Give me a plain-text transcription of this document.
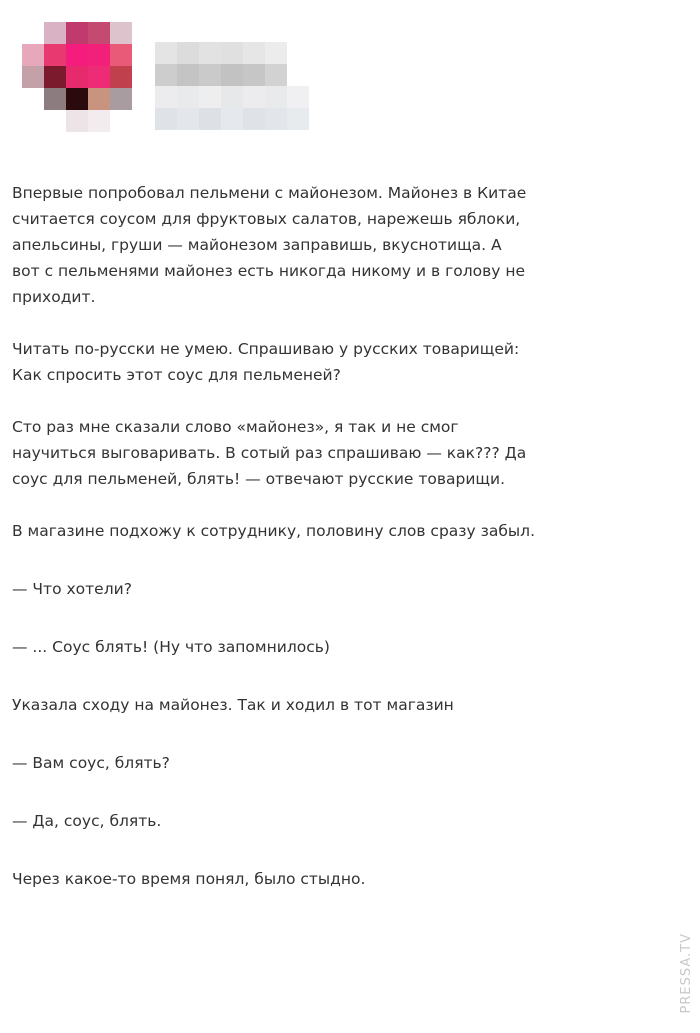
Впервые попробовал пельмени с майонезом. Майонез в Китае
считается соусом для фруктовых салатов, нарежешь яблоки,
апельсины, груши — майонезом заправишь, вкуснотища. А
вот с пельменями майонез есть никогда никому и в голову не
приходит.

Читать по-русски не умею. Спрашиваю у русских товарищей:
Как спросить этот соус для пельменей?

Сто раз мне сказали слово «майонез», я так и не смог
научиться выговаривать. В сотый раз спрашиваю — как??? Да
соус для пельменей, блять! — отвечают русские товарищи.

В магазине подхожу к сотруднику, половину слов сразу забыл.

— Что хотели?

— ... Соус блять! (Ну что запомнилось)

Указала сходу на майонез. Так и ходил в тот магазин

— Вам соус, блять?

— Да, соус, блять.

Через какое-то время понял, было стыдно.

PRESSA.TV
